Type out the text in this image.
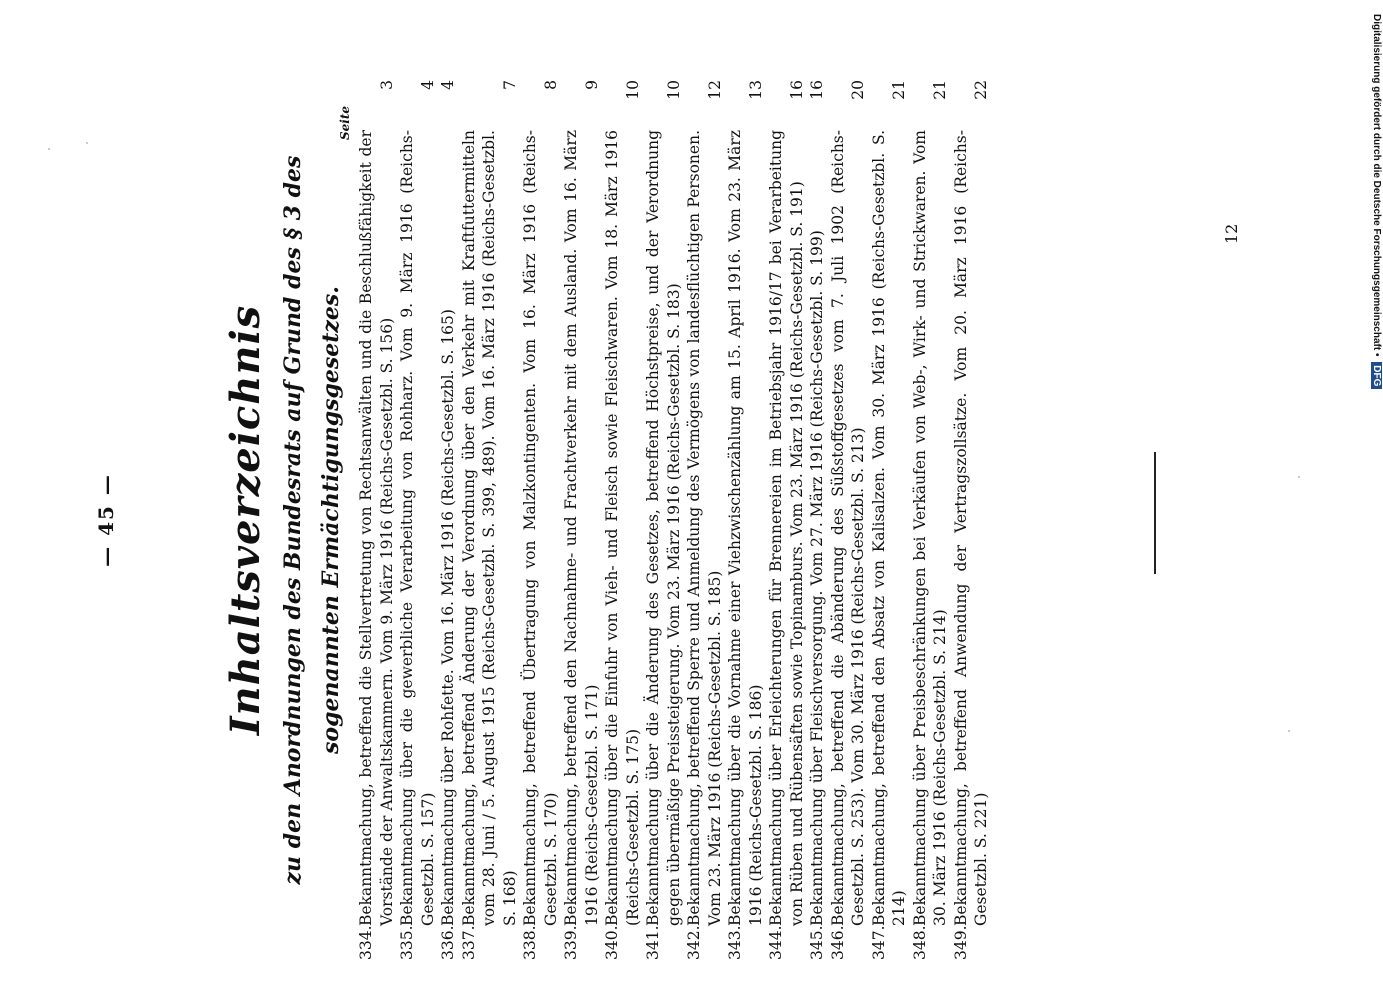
— 45 —	Inhaltsverzeichnis zu den Anordnungen des Bundesrats auf Grund des § 3 des sogenannten Ermächtigungsgesetzes.
Seite
334.
Bekanntmachung, betreffend die Stellvertretung von Rechtsanwälten und die Beschlußfähigkeit der Vorstände der Anwaltskammern. Vom 9. März 1916 (Reichs-Gesetzbl. S. 156)
3
335.
Bekanntmachung über die gewerbliche Verarbeitung von Rohharz. Vom 9. März 1916 (Reichs-Gesetzbl. S. 157)
4
336.
Bekanntmachung über Rohfette. Vom 16. März 1916 (Reichs-Gesetzbl. S. 165)
4
337.
Bekanntmachung, betreffend Änderung der Verordnung über den Verkehr mit Kraftfuttermitteln vom 28. Juni / 5. August 1915 (Reichs-Gesetzbl. S. 399, 489). Vom 16. März 1916 (Reichs-Gesetzbl. S. 168)
7
338.
Bekanntmachung, betreffend Übertragung von Malzkontingenten. Vom 16. März 1916 (Reichs-Gesetzbl. S. 170)
8
339.
Bekanntmachung, betreffend den Nachnahme- und Frachtverkehr mit dem Ausland. Vom 16. März 1916 (Reichs-Gesetzbl. S. 171)
9
340.
Bekanntmachung über die Einfuhr von Vieh- und Fleisch sowie Fleischwaren. Vom 18. März 1916 (Reichs-Gesetzbl. S. 175)
10
341.
Bekanntmachung über die Änderung des Gesetzes, betreffend Höchstpreise, und der Verordnung gegen übermäßige Preissteigerung. Vom 23. März 1916 (Reichs-Gesetzbl. S. 183)
10
342.
Bekanntmachung, betreffend Sperre und Anmeldung des Vermögens von landesflüchtigen Personen. Vom 23. März 1916 (Reichs-Gesetzbl. S. 185)
12
343.
Bekanntmachung über die Vornahme einer Viehzwischenzählung am 15. April 1916. Vom 23. März 1916 (Reichs-Gesetzbl. S. 186)
13
344.
Bekanntmachung über Erleichterungen für Brennereien im Betriebsjahr 1916/17 bei Verarbeitung von Rüben und Rübensäften sowie Topinamburs. Vom 23. März 1916 (Reichs-Gesetzbl. S. 191)
16
345.
Bekanntmachung über Fleischversorgung. Vom 27. März 1916 (Reichs-Gesetzbl. S. 199)
16
346.
Bekanntmachung, betreffend die Abänderung des Süßstoffgesetzes vom 7. Juli 1902 (Reichs-Gesetzbl. S. 253). Vom 30. März 1916 (Reichs-Gesetzbl. S. 213)
20
347.
Bekanntmachung, betreffend den Absatz von Kalisalzen. Vom 30. März 1916 (Reichs-Gesetzbl. S. 214)
21
348.
Bekanntmachung über Preisbeschränkungen bei Verkäufen von Web-, Wirk- und Strickwaren. Vom 30. März 1916 (Reichs-Gesetzbl. S. 214)
21
349.
Bekanntmachung, betreffend Anwendung der Vertragszollsätze. Vom 20. März 1916 (Reichs-Gesetzbl. S. 221)
22
12	Digitalisierung gefördert durch die Deutsche Forschungsgemeinschaft • DFG
